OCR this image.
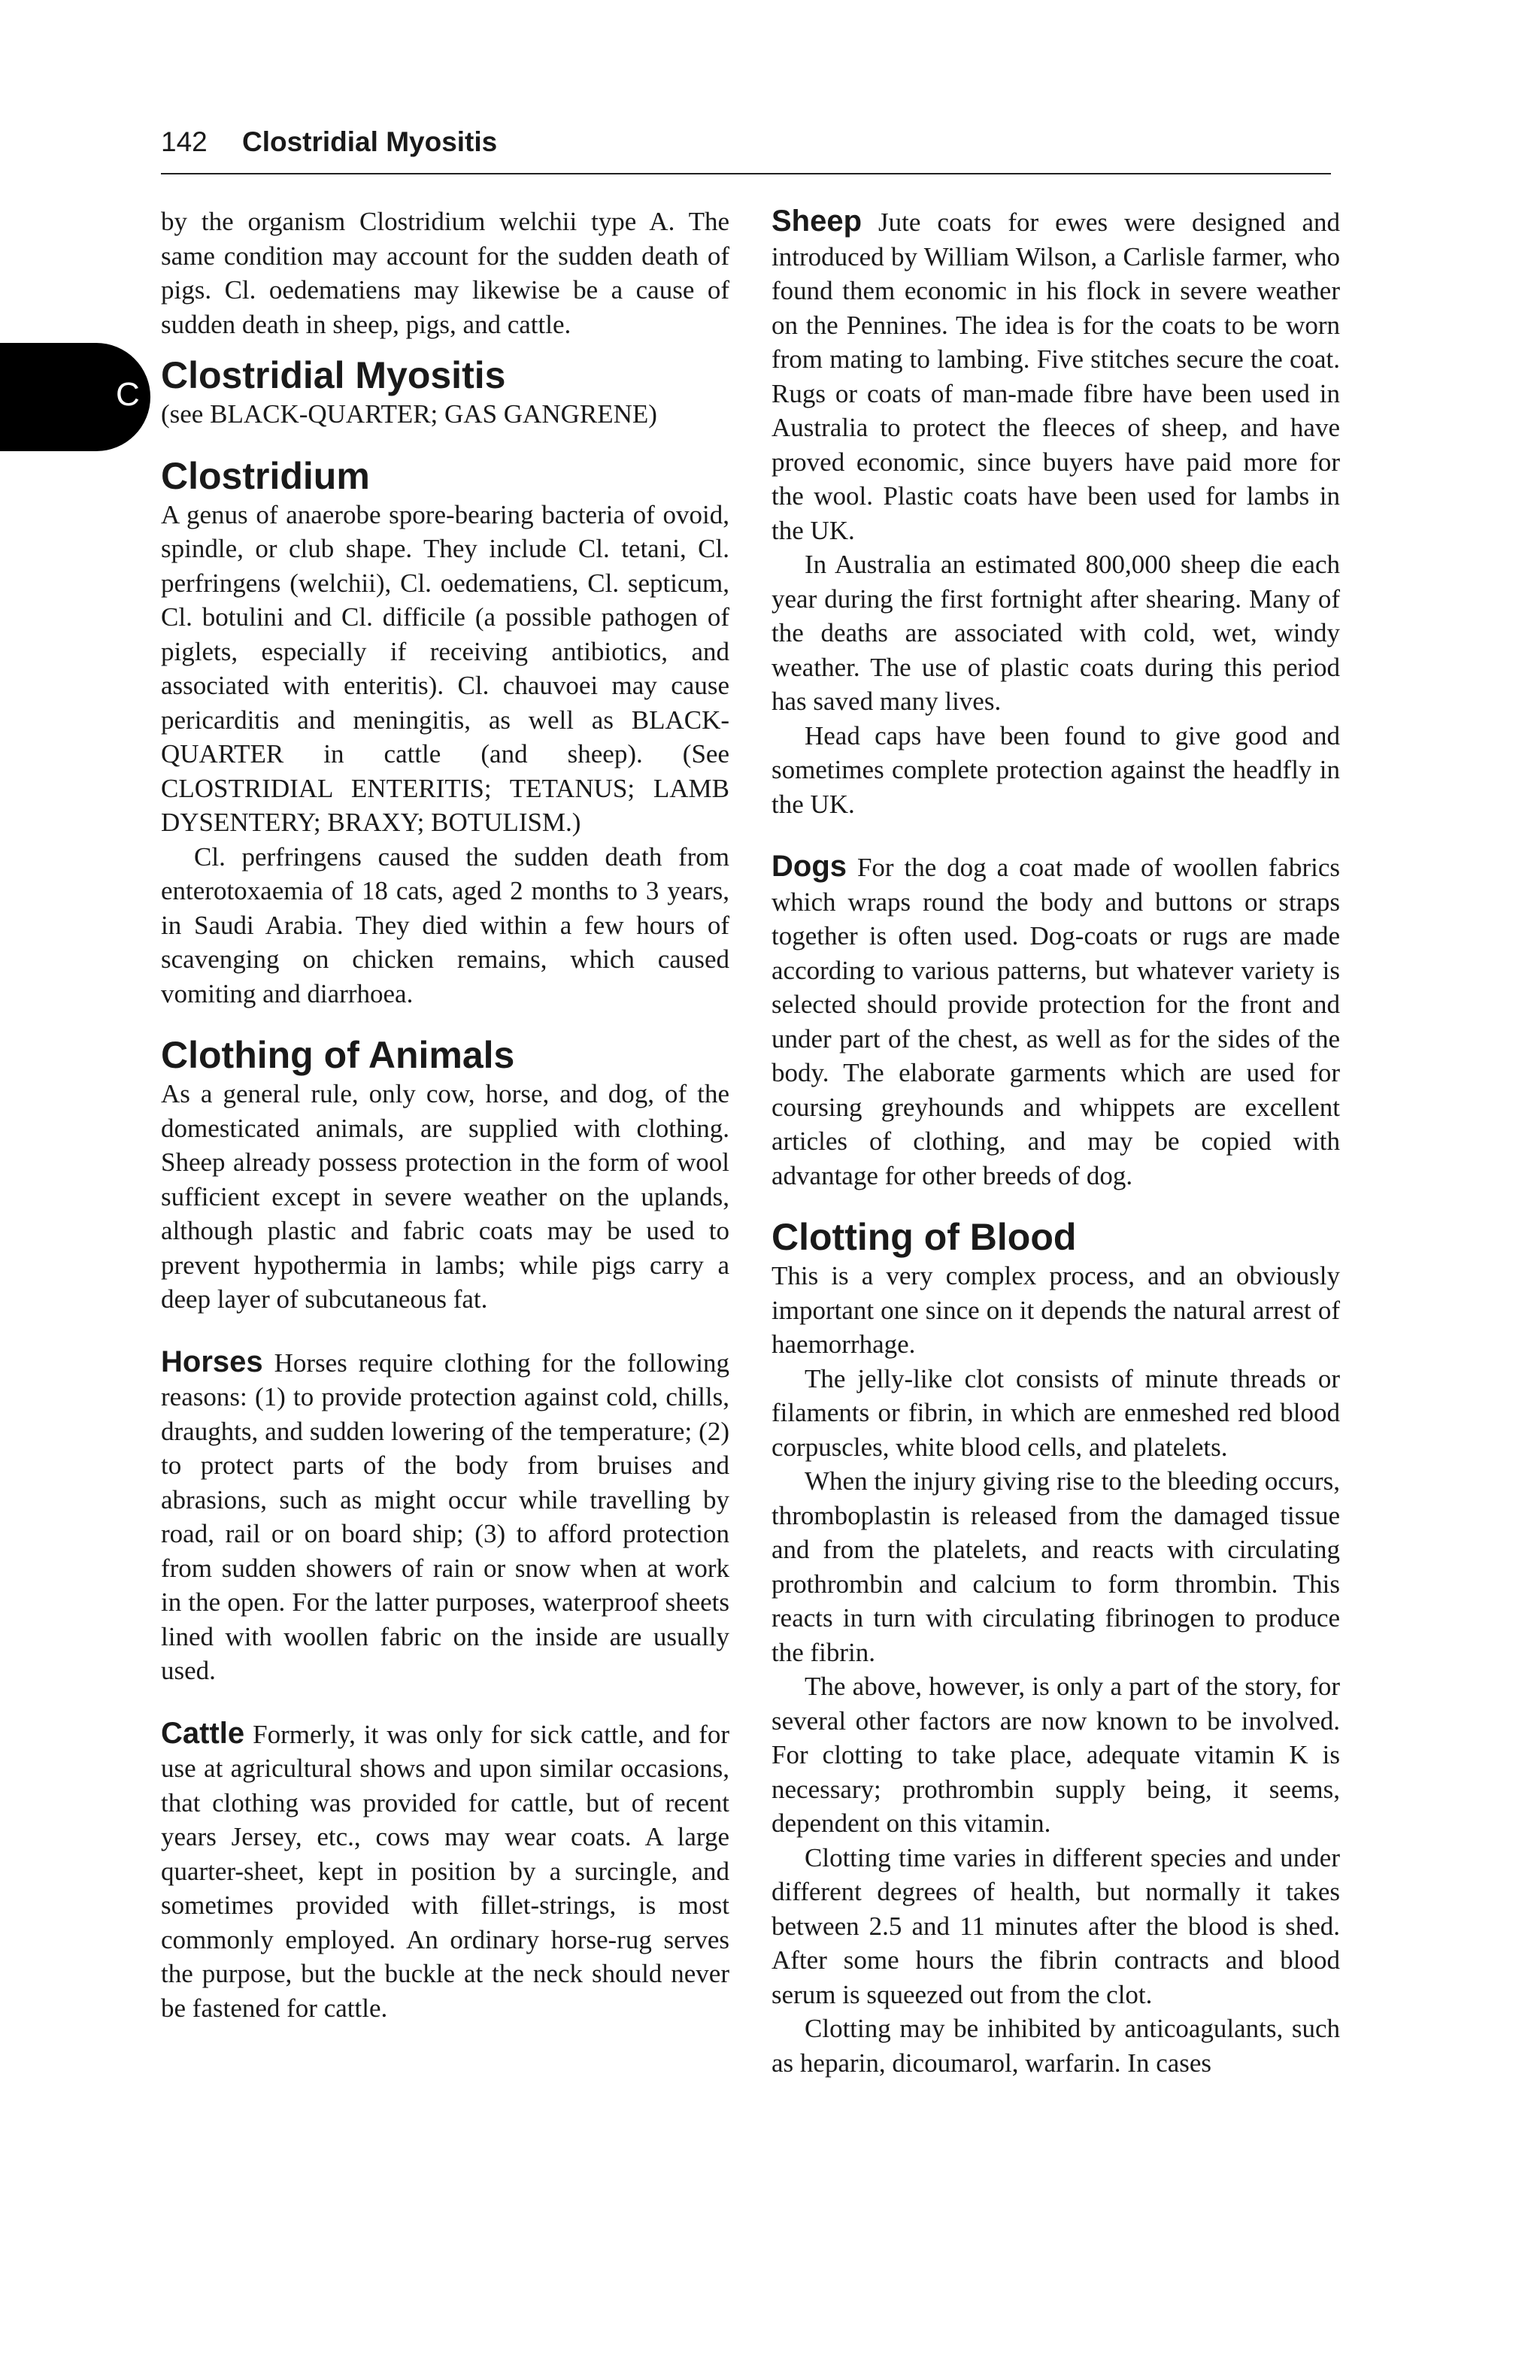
142 Clostridial Myositis
C

by the organism Clostridium welchii type A. The same condition may account for the sudden death of pigs. Cl. oedematiens may likewise be a cause of sudden death in sheep, pigs, and cattle.

Clostridial Myositis

(see BLACK-QUARTER; GAS GANGRENE)

Clostridium

A genus of anaerobe spore-bearing bacteria of ovoid, spindle, or club shape. They include Cl. tetani, Cl. perfringens (welchii), Cl. oedematiens, Cl. septicum, Cl. botulini and Cl. difficile (a possible pathogen of piglets, especially if receiving antibiotics, and associated with enteritis). Cl. chauvoei may cause pericarditis and meningitis, as well as BLACK-QUARTER in cattle (and sheep). (See CLOSTRIDIAL ENTERITIS; TETANUS; LAMB DYSENTERY; BRAXY; BOTULISM.)

Cl. perfringens caused the sudden death from enterotoxaemia of 18 cats, aged 2 months to 3 years, in Saudi Arabia. They died within a few hours of scavenging on chicken remains, which caused vomiting and diarrhoea.

Clothing of Animals

As a general rule, only cow, horse, and dog, of the domesticated animals, are supplied with clothing. Sheep already possess protection in the form of wool sufficient except in severe weather on the uplands, although plastic and fabric coats may be used to prevent hypothermia in lambs; while pigs carry a deep layer of subcutaneous fat.

Horses Horses require clothing for the following reasons: (1) to provide protection against cold, chills, draughts, and sudden lowering of the temperature; (2) to protect parts of the body from bruises and abrasions, such as might occur while travelling by road, rail or on board ship; (3) to afford protection from sudden showers of rain or snow when at work in the open. For the latter purposes, waterproof sheets lined with woollen fabric on the inside are usually used.

Cattle Formerly, it was only for sick cattle, and for use at agricultural shows and upon similar occasions, that clothing was provided for cattle, but of recent years Jersey, etc., cows may wear coats. A large quarter-sheet, kept in position by a surcingle, and sometimes provided with fillet-strings, is most commonly employed. An ordinary horse-rug serves the purpose, but the buckle at the neck should never be fastened for cattle.

Sheep Jute coats for ewes were designed and introduced by William Wilson, a Carlisle farmer, who found them economic in his flock in severe weather on the Pennines. The idea is for the coats to be worn from mating to lambing. Five stitches secure the coat. Rugs or coats of man-made fibre have been used in Australia to protect the fleeces of sheep, and have proved economic, since buyers have paid more for the wool. Plastic coats have been used for lambs in the UK.

In Australia an estimated 800,000 sheep die each year during the first fortnight after shearing. Many of the deaths are associated with cold, wet, windy weather. The use of plastic coats during this period has saved many lives.

Head caps have been found to give good and sometimes complete protection against the headfly in the UK.

Dogs For the dog a coat made of woollen fabrics which wraps round the body and buttons or straps together is often used. Dog-coats or rugs are made according to various patterns, but whatever variety is selected should provide protection for the front and under part of the chest, as well as for the sides of the body. The elaborate garments which are used for coursing greyhounds and whippets are excellent articles of clothing, and may be copied with advantage for other breeds of dog.

Clotting of Blood

This is a very complex process, and an obviously important one since on it depends the natural arrest of haemorrhage.

The jelly-like clot consists of minute threads or filaments or fibrin, in which are enmeshed red blood corpuscles, white blood cells, and platelets.

When the injury giving rise to the bleeding occurs, thromboplastin is released from the damaged tissue and from the platelets, and reacts with circulating prothrombin and calcium to form thrombin. This reacts in turn with circulating fibrinogen to produce the fibrin.

The above, however, is only a part of the story, for several other factors are now known to be involved. For clotting to take place, adequate vitamin K is necessary; prothrombin supply being, it seems, dependent on this vitamin.

Clotting time varies in different species and under different degrees of health, but normally it takes between 2.5 and 11 minutes after the blood is shed. After some hours the fibrin contracts and blood serum is squeezed out from the clot.

Clotting may be inhibited by anticoagulants, such as heparin, dicoumarol, warfarin. In cases
